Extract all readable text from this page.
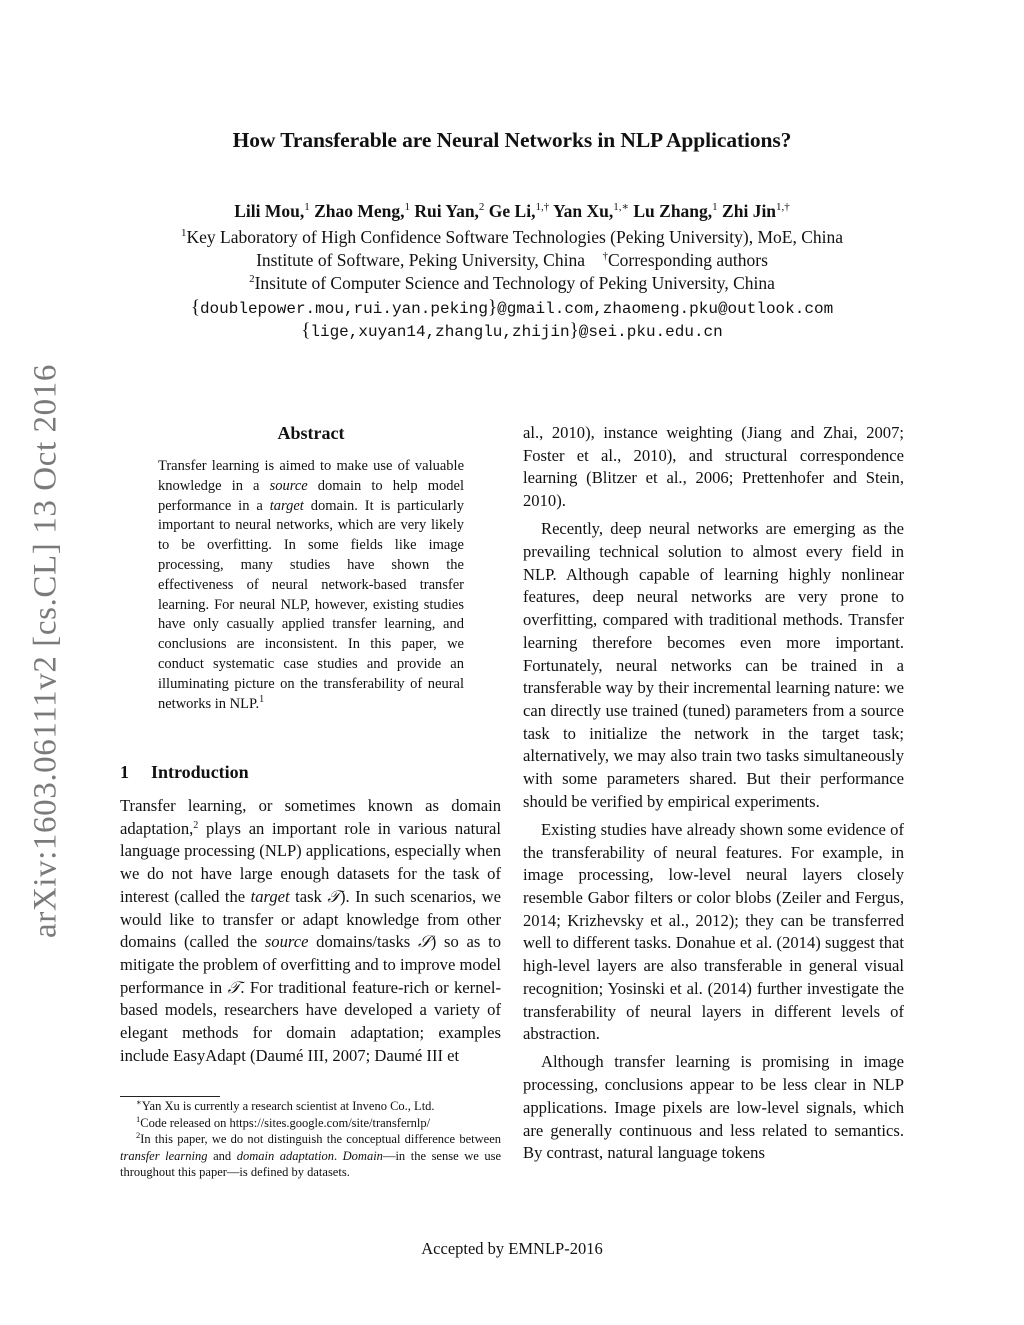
How Transferable are Neural Networks in NLP Applications?
Lili Mou,$^1$ Zhao Meng,$^1$ Rui Yan,$^2$ Ge Li,$^{1,\dagger}$ Yan Xu,$^{1,∗}$ Lu Zhang,$^1$ Zhi Jin$^{1,\dagger}$
$^1$Key Laboratory of High Confidence Software Technologies (Peking University), MoE, China
Institute of Software, Peking University, China †Corresponding authors
$^2$Insitute of Computer Science and Technology of Peking University, China
{doublepower.mou,rui.yan.peking}@gmail.com,zhaomeng.pku@outlook.com
{lige,xuyan14,zhanglu,zhijin}@sei.pku.edu.cn
arXiv:1603.06111v2 [cs.CL] 13 Oct 2016	Abstract
Transfer learning is aimed to make use of valuable knowledge in a source domain to help model performance in a target domain. It is particularly important to neural networks, which are very likely to be overfitting. In some fields like image processing, many studies have shown the effectiveness of neural network-based transfer learning. For neural NLP, however, existing studies have only casually applied transfer learning, and conclusions are inconsistent. In this paper, we conduct systematic case studies and provide an illuminating picture on the transferability of neural networks in NLP.$^1$
1 Introduction

Transfer learning, or sometimes known as domain adaptation,$^2$ plays an important role in various natural language processing (NLP) applications, especially when we do not have large enough datasets for the task of interest (called the target task 𝒯). In such scenarios, we would like to transfer or adapt knowledge from other domains (called the source domains/tasks 𝒮) so as to mitigate the problem of overfitting and to improve model performance in 𝒯. For traditional feature-rich or kernel-based models, researchers have developed a variety of elegant methods for domain adaptation; examples include EasyAdapt (Daumé III, 2007; Daumé III et

∗Yan Xu is currently a research scientist at Inveno Co., Ltd.

$^1$Code released on https://sites.google.com/site/transfernlp/

$^2$In this paper, we do not distinguish the conceptual difference between transfer learning and domain adaptation. Domain—in the sense we use throughout this paper—is defined by datasets.

al., 2010), instance weighting (Jiang and Zhai, 2007; Foster et al., 2010), and structural correspondence learning (Blitzer et al., 2006; Prettenhofer and Stein, 2010).

Recently, deep neural networks are emerging as the prevailing technical solution to almost every field in NLP. Although capable of learning highly nonlinear features, deep neural networks are very prone to overfitting, compared with traditional methods. Transfer learning therefore becomes even more important. Fortunately, neural networks can be trained in a transferable way by their incremental learning nature: we can directly use trained (tuned) parameters from a source task to initialize the network in the target task; alternatively, we may also train two tasks simultaneously with some parameters shared. But their performance should be verified by empirical experiments.

Existing studies have already shown some evidence of the transferability of neural features. For example, in image processing, low-level neural layers closely resemble Gabor filters or color blobs (Zeiler and Fergus, 2014; Krizhevsky et al., 2012); they can be transferred well to different tasks. Donahue et al. (2014) suggest that high-level layers are also transferable in general visual recognition; Yosinski et al. (2014) further investigate the transferability of neural layers in different levels of abstraction.

Although transfer learning is promising in image processing, conclusions appear to be less clear in NLP applications. Image pixels are low-level signals, which are generally continuous and less related to semantics. By contrast, natural language tokens

Accepted by EMNLP-2016
